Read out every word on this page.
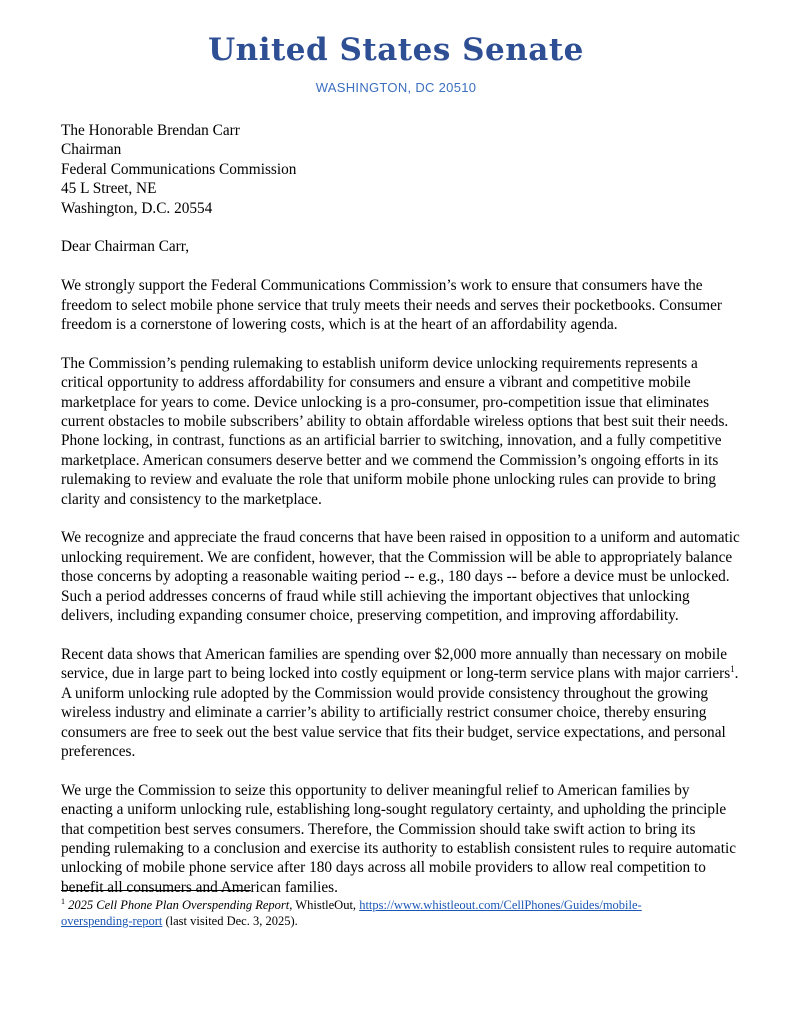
United States Senate
WASHINGTON, DC 20510
The Honorable Brendan Carr
Chairman
Federal Communications Commission
45 L Street, NE
Washington, D.C. 20554
Dear Chairman Carr,

We strongly support the Federal Communications Commission’s work to ensure that consumers have the freedom to select mobile phone service that truly meets their needs and serves their pocketbooks. Consumer freedom is a cornerstone of lowering costs, which is at the heart of an affordability agenda.

The Commission’s pending rulemaking to establish uniform device unlocking requirements represents a critical opportunity to address affordability for consumers and ensure a vibrant and competitive mobile marketplace for years to come. Device unlocking is a pro-consumer, pro-competition issue that eliminates current obstacles to mobile subscribers’ ability to obtain affordable wireless options that best suit their needs. Phone locking, in contrast, functions as an artificial barrier to switching, innovation, and a fully competitive marketplace. American consumers deserve better and we commend the Commission’s ongoing efforts in its rulemaking to review and evaluate the role that uniform mobile phone unlocking rules can provide to bring clarity and consistency to the marketplace.

We recognize and appreciate the fraud concerns that have been raised in opposition to a uniform and automatic unlocking requirement. We are confident, however, that the Commission will be able to appropriately balance those concerns by adopting a reasonable waiting period -- e.g., 180 days -- before a device must be unlocked. Such a period addresses concerns of fraud while still achieving the important objectives that unlocking delivers, including expanding consumer choice, preserving competition, and improving affordability.

Recent data shows that American families are spending over $2,000 more annually than necessary on mobile service, due in large part to being locked into costly equipment or long-term service plans with major carriers$^1$. A uniform unlocking rule adopted by the Commission would provide consistency throughout the growing wireless industry and eliminate a carrier’s ability to artificially restrict consumer choice, thereby ensuring consumers are free to seek out the best value service that fits their budget, service expectations, and personal preferences.

We urge the Commission to seize this opportunity to deliver meaningful relief to American families by enacting a uniform unlocking rule, establishing long-sought regulatory certainty, and upholding the principle that competition best serves consumers. Therefore, the Commission should take swift action to bring its pending rulemaking to a conclusion and exercise its authority to establish consistent rules to require automatic unlocking of mobile phone service after 180 days across all mobile providers to allow real competition to benefit all consumers and American families.

$^1$ 2025 Cell Phone Plan Overspending Report, WhistleOut, https://www.whistleout.com/CellPhones/Guides/mobile-
overspending-report (last visited Dec. 3, 2025).
